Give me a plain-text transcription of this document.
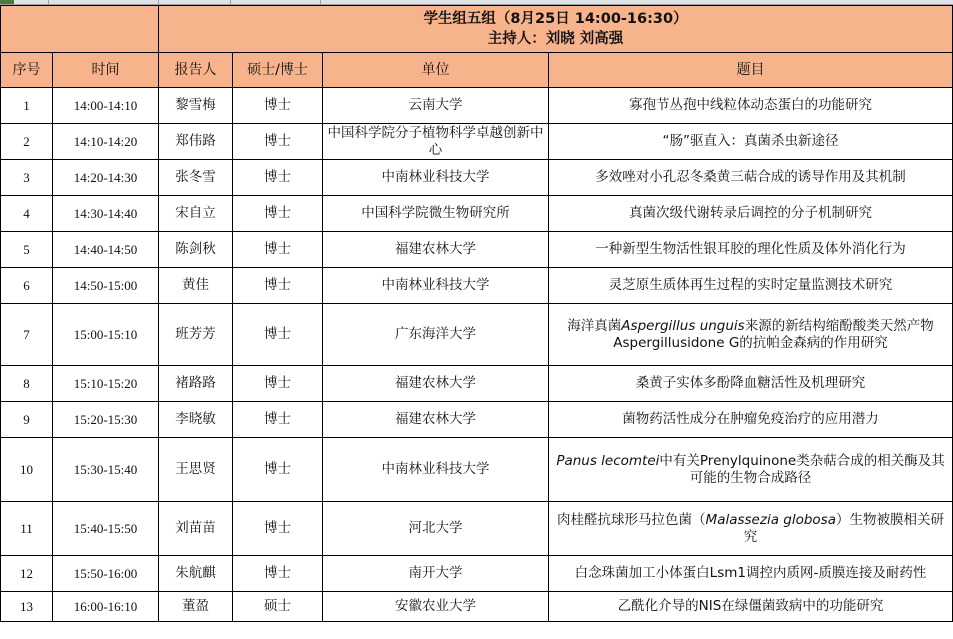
		学生组五组（8月25日 14:00-16:30）
主持人：刘晓 刘高强			

序号	时间	报告人	硕士/博士	单位	题目
1	14:00-14:10	黎雪梅	博士	云南大学	寡孢节丛孢中线粒体动态蛋白的功能研究
2	14:10-14:20	郑伟路	博士	中国科学院分子植物科学卓越创新中心	“肠”驱直入：真菌杀虫新途径
3	14:20-14:30	张冬雪	博士	中南林业科技大学	多效唑对小孔忍冬桑黄三萜合成的诱导作用及其机制
4	14:30-14:40	宋自立	博士	中国科学院微生物研究所	真菌次级代谢转录后调控的分子机制研究
5	14:40-14:50	陈剑秋	博士	福建农林大学	一种新型生物活性银耳胶的理化性质及体外消化行为
6	14:50-15:00	黄佳	博士	中南林业科技大学	灵芝原生质体再生过程的实时定量监测技术研究
7	15:00-15:10	班芳芳	博士	广东海洋大学	海洋真菌Aspergillus unguis来源的新结构缩酚酸类天然产物Aspergillusidone G的抗帕金森病的作用研究
8	15:10-15:20	褚路路	博士	福建农林大学	桑黄子实体多酚降血糖活性及机理研究
9	15:20-15:30	李晓敏	博士	福建农林大学	菌物药活性成分在肿瘤免疫治疗的应用潜力
10	15:30-15:40	王思贤	博士	中南林业科技大学	Panus lecomtei中有关Prenylquinone类杂萜合成的相关酶及其可能的生物合成路径
11	15:40-15:50	刘苗苗	博士	河北大学	肉桂醛抗球形马拉色菌（Malassezia globosa）生物被膜相关研究
12	15:50-16:00	朱航麒	博士	南开大学	白念珠菌加工小体蛋白Lsm1调控内质网-质膜连接及耐药性
13	16:00-16:10	董盈	硕士	安徽农业大学	乙酰化介导的NIS在绿僵菌致病中的功能研究
